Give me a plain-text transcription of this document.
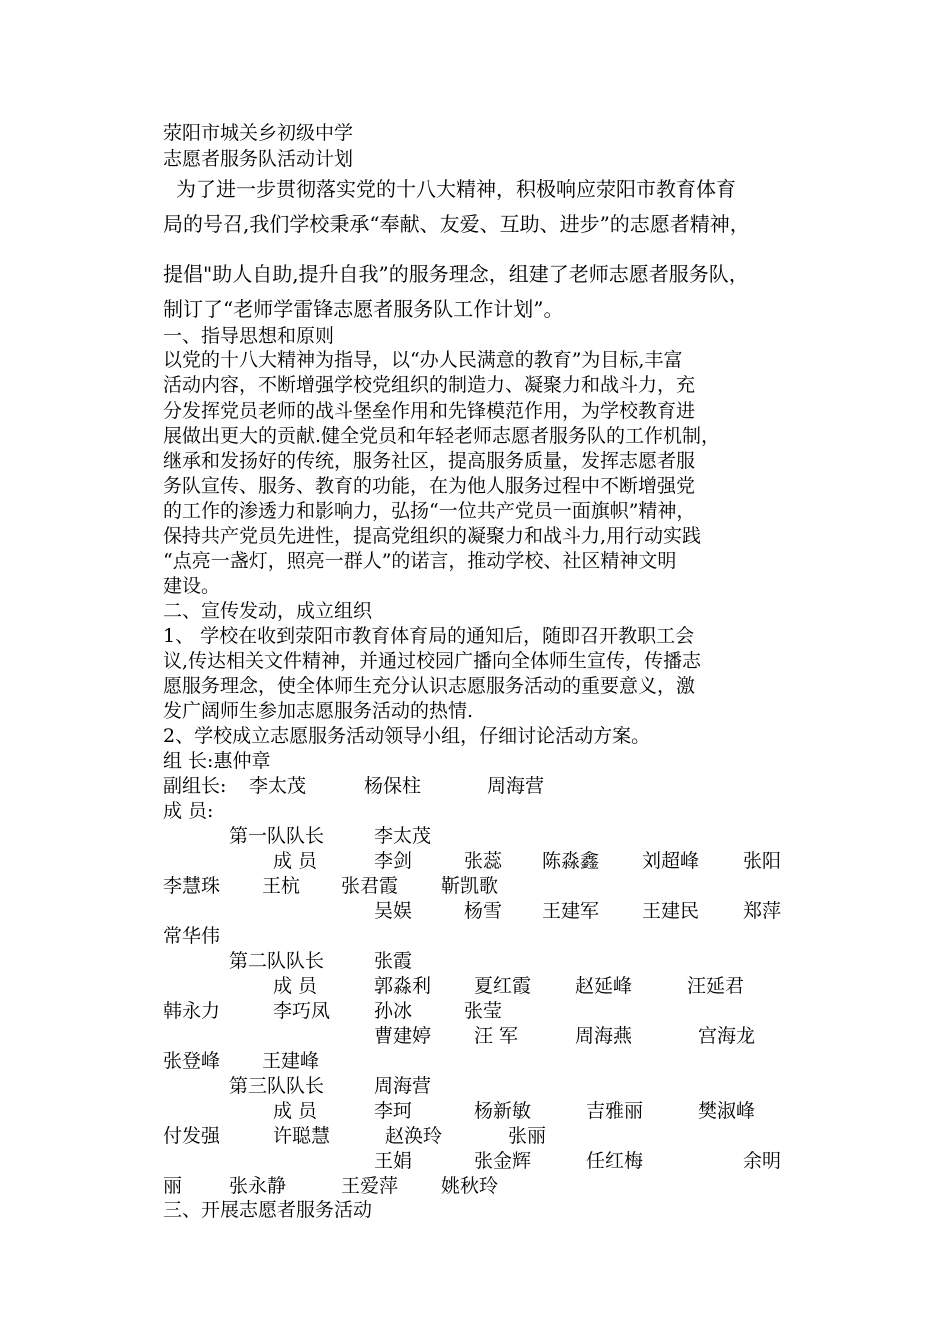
荥阳市城关乡初级中学
志愿者服务队活动计划
为了进一步贯彻落实党的十八大精神，积极响应荥阳市教育体育
局的号召,我们学校秉承“奉献、友爱、互助、进步”的志愿者精神，
提倡"助人自助,提升自我”的服务理念，组建了老师志愿者服务队，
制订了“老师学雷锋志愿者服务队工作计划”。
一、指导思想和原则
以党的十八大精神为指导，以“办人民满意的教育”为目标,丰富
活动内容，不断增强学校党组织的制造力、凝聚力和战斗力，充
分发挥党员老师的战斗堡垒作用和先锋模范作用，为学校教育进
展做出更大的贡献.健全党员和年轻老师志愿者服务队的工作机制，
继承和发扬好的传统，服务社区，提高服务质量，发挥志愿者服
务队宣传、服务、教育的功能，在为他人服务过程中不断增强党
的工作的渗透力和影响力，弘扬“一位共产党员一面旗帜”精神，
保持共产党员先进性，提高党组织的凝聚力和战斗力,用行动实践
“点亮一盏灯，照亮一群人”的诺言，推动学校、社区精神文明
建设。
二、宣传发动，成立组织
1、 学校在收到荥阳市教育体育局的通知后，随即召开教职工会
议,传达相关文件精神，并通过校园广播向全体师生宣传，传播志
愿服务理念，使全体师生充分认识志愿服务活动的重要意义，激
发广阔师生参加志愿服务活动的热情.
2、学校成立志愿服务活动领导小组，仔细讨论活动方案。
组 长:惠仲章
副组长: 李太茂	杨保柱	周海营
成 员:
第一队队长	李太茂
成 员	李剑	张蕊 陈淼鑫 刘超峰 张阳
李慧珠 王杭 张君霞 靳凯歌
吴娱	杨雪 王建军 王建民 郑萍
常华伟
第二队队长	张霞
成 员	郭淼利 夏红霞 赵延峰	汪延君
韩永力	李巧凤 孙冰	张莹
曹建婷 汪 军	周海燕	宫海龙
张登峰 王建峰
第三队队长	周海营
成 员	李珂	杨新敏	吉雅丽	樊淑峰
付发强	许聪慧	赵涣玲	张丽
王娟	张金辉	任红梅	余明
丽 张永静	王爱萍 姚秋玲
三、开展志愿者服务活动
